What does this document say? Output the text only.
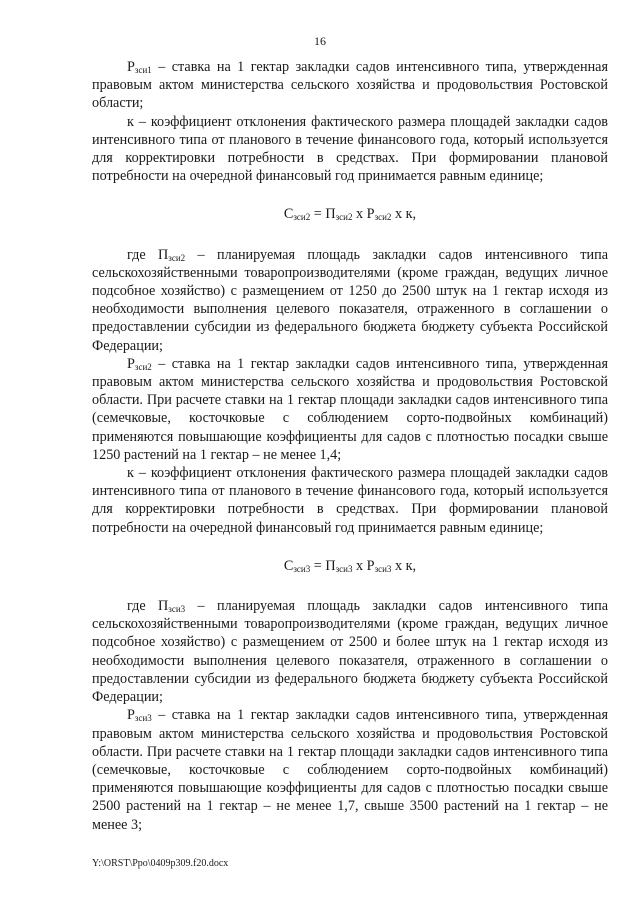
16

$Р_{зси1}$ – ставка на 1 гектар закладки садов интенсивного типа, утвержденная правовым актом министерства сельского хозяйства и продовольствия Ростовской области;

к – коэффициент отклонения фактического размера площадей закладки садов интенсивного типа от планового в течение финансового года, который используется для корректировки потребности в средствах. При формировании плановой потребности на очередной финансовый год принимается равным единице;

$С_{зси2} = П_{зси2}$ х $Р_{зси2}$ х к,

где $П_{зси2}$ – планируемая площадь закладки садов интенсивного типа сельскохозяйственными товаропроизводителями (кроме граждан, ведущих личное подсобное хозяйство) с размещением от 1250 до 2500 штук на 1 гектар исходя из необходимости выполнения целевого показателя, отраженного в соглашении о предоставлении субсидии из федерального бюджета бюджету субъекта Российской Федерации;

$Р_{зси2}$ – ставка на 1 гектар закладки садов интенсивного типа, утвержденная правовым актом министерства сельского хозяйства и продовольствия Ростовской области. При расчете ставки на 1 гектар площади закладки садов интенсивного типа (семечковые, косточковые с соблюдением сорто-подвойных комбинаций) применяются повышающие коэффициенты для садов с плотностью посадки свыше 1250 растений на 1 гектар – не менее 1,4;

к – коэффициент отклонения фактического размера площадей закладки садов интенсивного типа от планового в течение финансового года, который используется для корректировки потребности в средствах. При формировании плановой потребности на очередной финансовый год принимается равным единице;

$С_{зси3} = П_{зси3}$ х $Р_{зси3}$ х к,

где $П_{зси3}$ – планируемая площадь закладки садов интенсивного типа сельскохозяйственными товаропроизводителями (кроме граждан, ведущих личное подсобное хозяйство) с размещением от 2500 и более штук на 1 гектар исходя из необходимости выполнения целевого показателя, отраженного в соглашении о предоставлении субсидии из федерального бюджета бюджету субъекта Российской Федерации;

$Р_{зси3}$ – ставка на 1 гектар закладки садов интенсивного типа, утвержденная правовым актом министерства сельского хозяйства и продовольствия Ростовской области. При расчете ставки на 1 гектар площади закладки садов интенсивного типа (семечковые, косточковые с соблюдением сорто-подвойных комбинаций) применяются повышающие коэффициенты для садов с плотностью посадки свыше 2500 растений на 1 гектар – не менее 1,7, свыше 3500 растений на 1 гектар – не менее 3;

Y:\ORST\Ppo\0409p309.f20.docx
